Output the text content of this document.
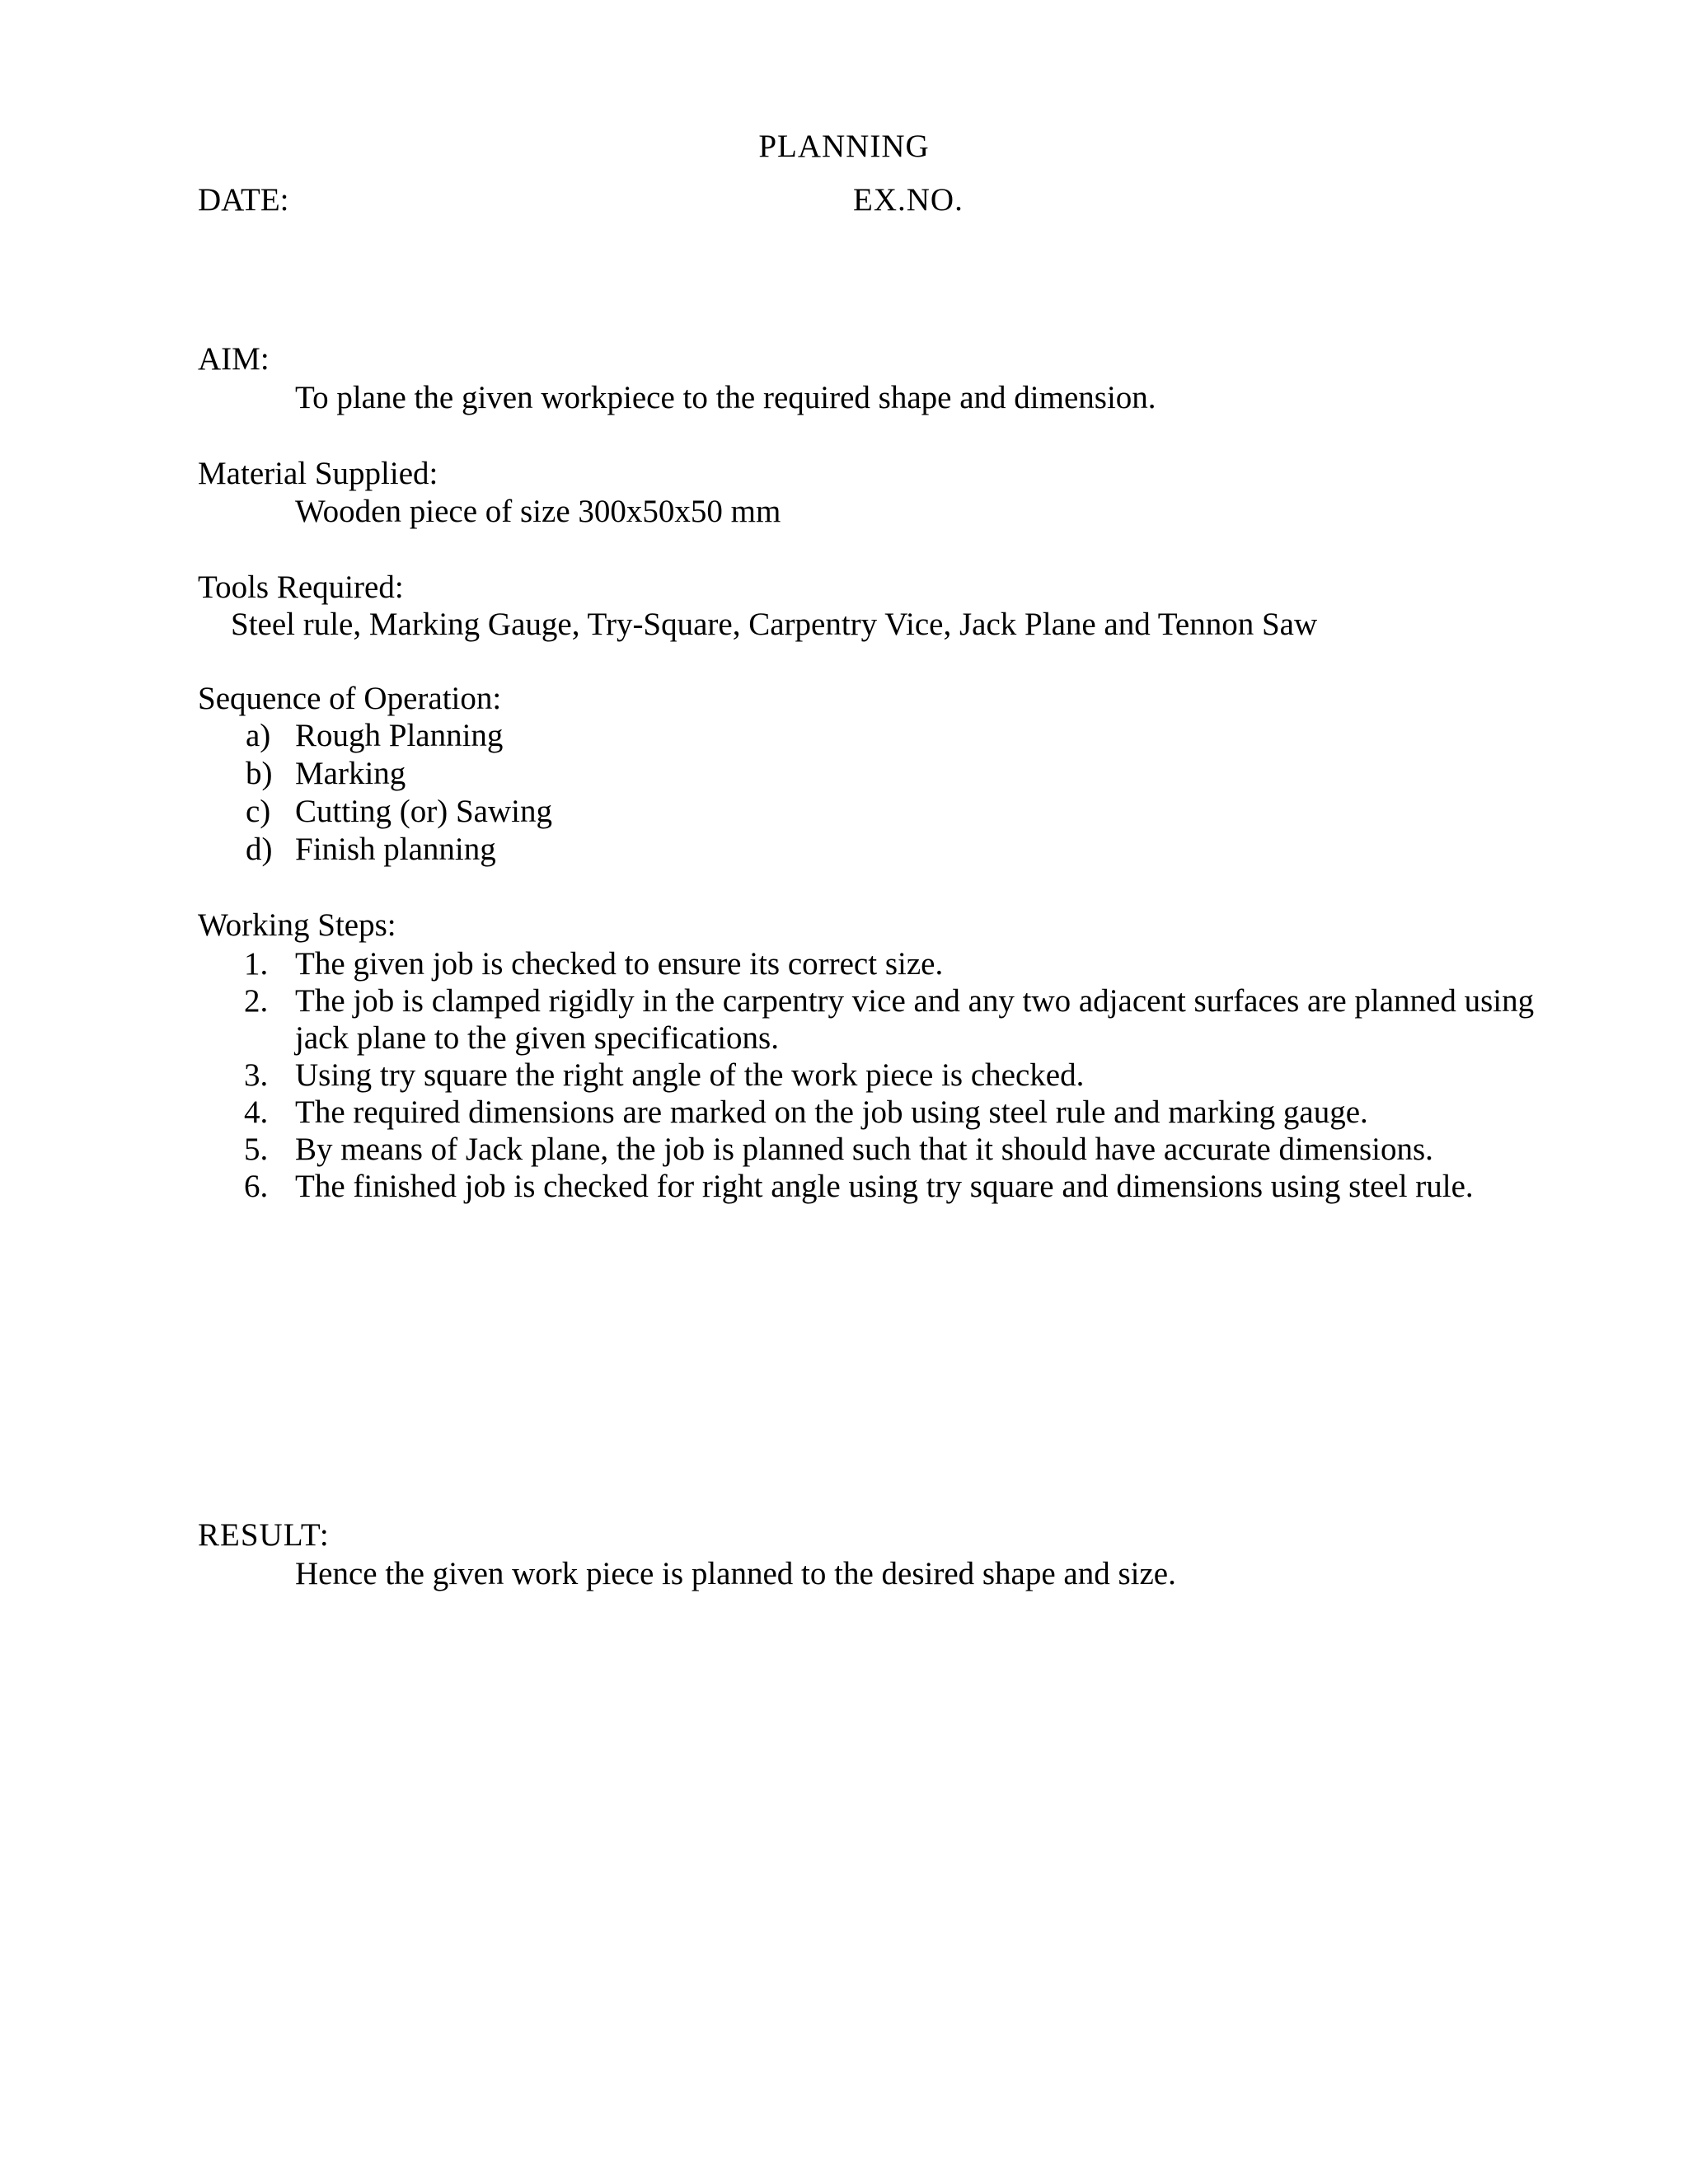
PLANNING
DATE:	EX.NO.
AIM:
To plane the given workpiece to the required shape and dimension.
Material Supplied:
Wooden piece of size 300x50x50 mm
Tools Required:
Steel rule, Marking Gauge, Try-Square, Carpentry Vice, Jack Plane and Tennon Saw
Sequence of Operation:
a) Rough Planning
b) Marking
c) Cutting (or) Sawing
d) Finish planning
Working Steps:
1. The given job is checked to ensure its correct size.
2. The job is clamped rigidly in the carpentry vice and any two adjacent surfaces are planned using jack plane to the given specifications.
3. Using try square the right angle of the work piece is checked.
4. The required dimensions are marked on the job using steel rule and marking gauge.
5. By means of Jack plane, the job is planned such that it should have accurate dimensions.
6. The finished job is checked for right angle using try square and dimensions using steel rule.
RESULT:
Hence the given work piece is planned to the desired shape and size.
